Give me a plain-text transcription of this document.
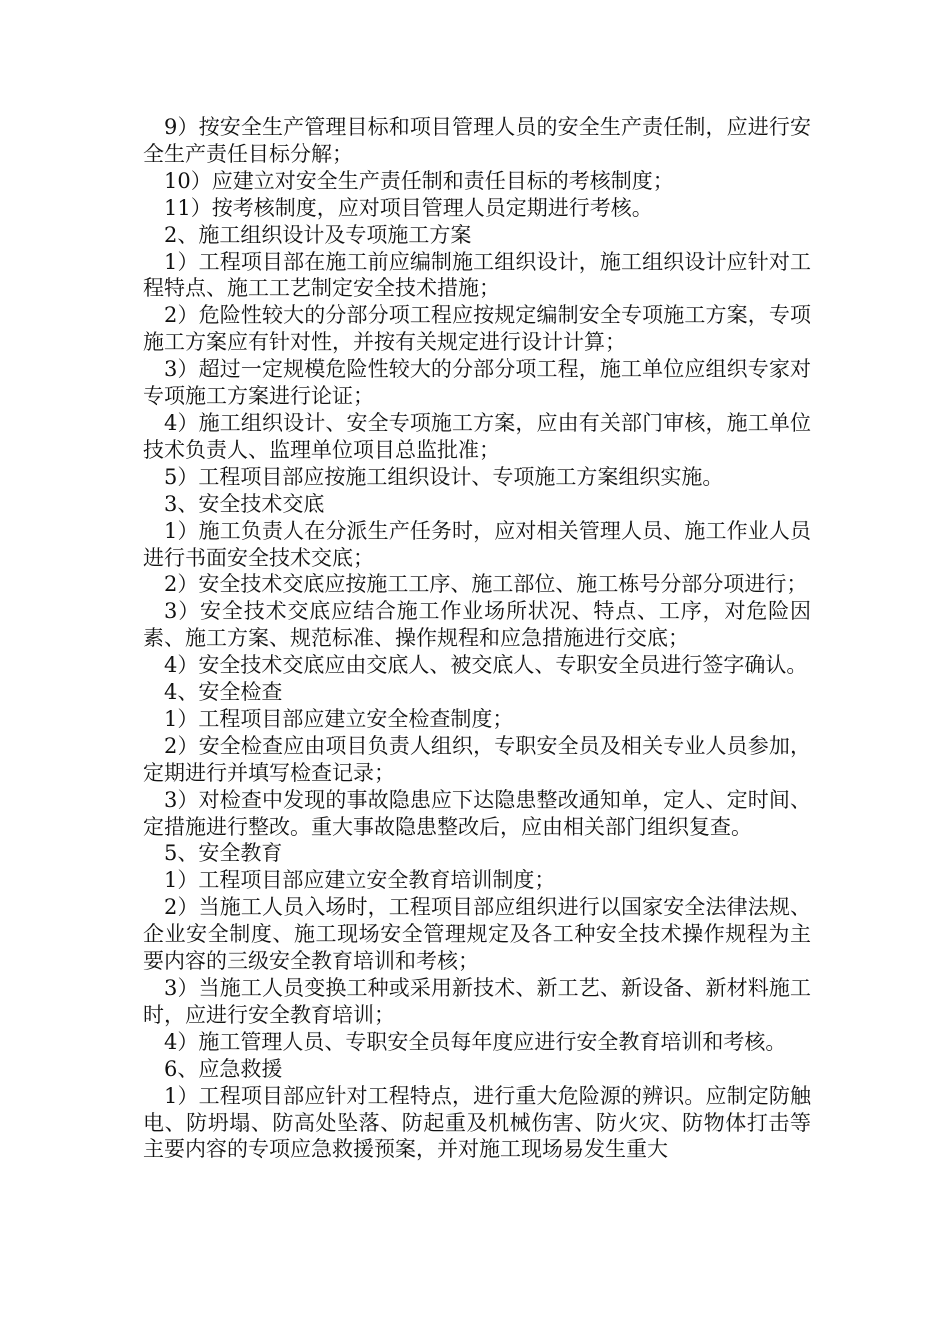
9）按安全生产管理目标和项目管理人员的安全生产责任制，应进行安全生产责任目标分解；

10）应建立对安全生产责任制和责任目标的考核制度；

11）按考核制度，应对项目管理人员定期进行考核。

2、施工组织设计及专项施工方案

1）工程项目部在施工前应编制施工组织设计，施工组织设计应针对工程特点、施工工艺制定安全技术措施；

2）危险性较大的分部分项工程应按规定编制安全专项施工方案，专项施工方案应有针对性，并按有关规定进行设计计算；

3）超过一定规模危险性较大的分部分项工程，施工单位应组织专家对专项施工方案进行论证；

4）施工组织设计、安全专项施工方案，应由有关部门审核，施工单位技术负责人、监理单位项目总监批准；

5）工程项目部应按施工组织设计、专项施工方案组织实施。

3、安全技术交底

1）施工负责人在分派生产任务时，应对相关管理人员、施工作业人员进行书面安全技术交底；

2）安全技术交底应按施工工序、施工部位、施工栋号分部分项进行；

3）安全技术交底应结合施工作业场所状况、特点、工序，对危险因素、施工方案、规范标准、操作规程和应急措施进行交底；

4）安全技术交底应由交底人、被交底人、专职安全员进行签字确认。

4、安全检查

1）工程项目部应建立安全检查制度；

2）安全检查应由项目负责人组织，专职安全员及相关专业人员参加，定期进行并填写检查记录；

3）对检查中发现的事故隐患应下达隐患整改通知单，定人、定时间、定措施进行整改。重大事故隐患整改后，应由相关部门组织复查。

5、安全教育

1）工程项目部应建立安全教育培训制度；

2）当施工人员入场时，工程项目部应组织进行以国家安全法律法规、企业安全制度、施工现场安全管理规定及各工种安全技术操作规程为主要内容的三级安全教育培训和考核；

3）当施工人员变换工种或采用新技术、新工艺、新设备、新材料施工时，应进行安全教育培训；

4）施工管理人员、专职安全员每年度应进行安全教育培训和考核。

6、应急救援

1）工程项目部应针对工程特点，进行重大危险源的辨识。应制定防触电、防坍塌、防高处坠落、防起重及机械伤害、防火灾、防物体打击等主要内容的专项应急救援预案，并对施工现场易发生重大
